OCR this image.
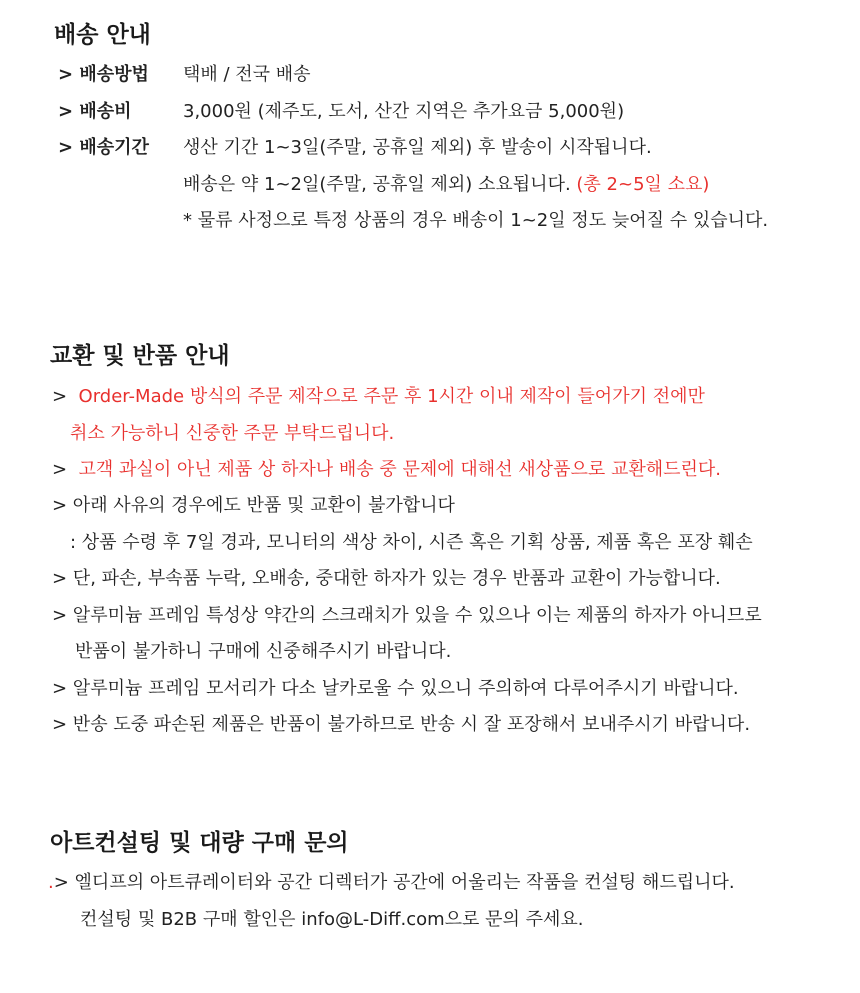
배송 안내
> 배송방법 택배 / 전국 배송
> 배송비	3,000원 (제주도, 도서, 산간 지역은 추가요금 5,000원)
> 배송기간 생산 기간 1~3일(주말, 공휴일 제외) 후 발송이 시작됩니다.
배송은 약 1~2일(주말, 공휴일 제외) 소요됩니다. (총 2~5일 소요)
* 물류 사정으로 특정 상품의 경우 배송이 1~2일 정도 늦어질 수 있습니다.
교환 및 반품 안내
> Order-Made 방식의 주문 제작으로 주문 후 1시간 이내 제작이 들어가기 전에만
취소 가능하니 신중한 주문 부탁드립니다.
> 고객 과실이 아닌 제품 상 하자나 배송 중 문제에 대해선 새상품으로 교환해드린다.
> 아래 사유의 경우에도 반품 및 교환이 불가합니다
: 상품 수령 후 7일 경과, 모니터의 색상 차이, 시즌 혹은 기획 상품, 제품 혹은 포장 훼손
> 단, 파손, 부속품 누락, 오배송, 중대한 하자가 있는 경우 반품과 교환이 가능합니다.
> 알루미늄 프레임 특성상 약간의 스크래치가 있을 수 있으나 이는 제품의 하자가 아니므로
반품이 불가하니 구매에 신중해주시기 바랍니다.
> 알루미늄 프레임 모서리가 다소 날카로울 수 있으니 주의하여 다루어주시기 바랍니다.
> 반송 도중 파손된 제품은 반품이 불가하므로 반송 시 잘 포장해서 보내주시기 바랍니다.
아트컨설팅 및 대량 구매 문의
.> 엘디프의 아트큐레이터와 공간 디렉터가 공간에 어울리는 작품을 컨설팅 해드립니다.
컨설팅 및 B2B 구매 할인은 info@L-Diff.com으로 문의 주세요.
